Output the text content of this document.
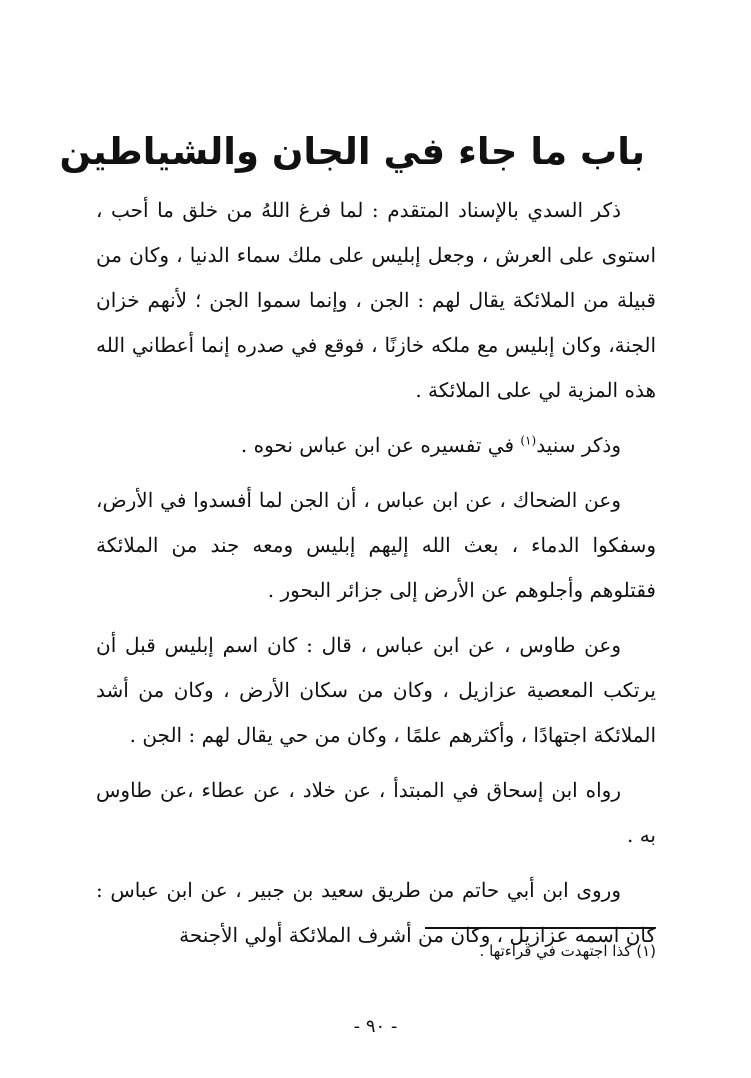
باب ما جاء في الجان والشياطين

ذكر السدي بالإسناد المتقدم : لما فرغ اللهُ من خلق ما أحب ، استوى على العرش ، وجعل إبليس على ملك سماء الدنيا ، وكان من قبيلة من الملائكة يقال لهم : الجن ، وإنما سموا الجن ؛ لأنهم خزان الجنة، وكان إبليس مع ملكه خازنًا ، فوقع في صدره إنما أعطاني الله هذه المزية لي على الملائكة .

وذكر سنيد$^{(١)}$ في تفسيره عن ابن عباس نحوه .

وعن الضحاك ، عن ابن عباس ، أن الجن لما أفسدوا في الأرض، وسفكوا الدماء ، بعث الله إليهم إبليس ومعه جند من الملائكة فقتلوهم وأجلوهم عن الأرض إلى جزائر البحور .

وعن طاوس ، عن ابن عباس ، قال : كان اسم إبليس قبل أن يرتكب المعصية عزازيل ، وكان من سكان الأرض ، وكان من أشد الملائكة اجتهادًا ، وأكثرهم علمًا ، وكان من حي يقال لهم : الجن .

رواه ابن إسحاق في المبتدأ ، عن خلاد ، عن عطاء ،عن طاوس به .

وروى ابن أبي حاتم من طريق سعيد بن جبير ، عن ابن عباس : كان اسمه عزازيل ، وكان من أشرف الملائكة أولي الأجنحة

(١) كذا اجتهدت في قراءتها .
- ٩٠ -
